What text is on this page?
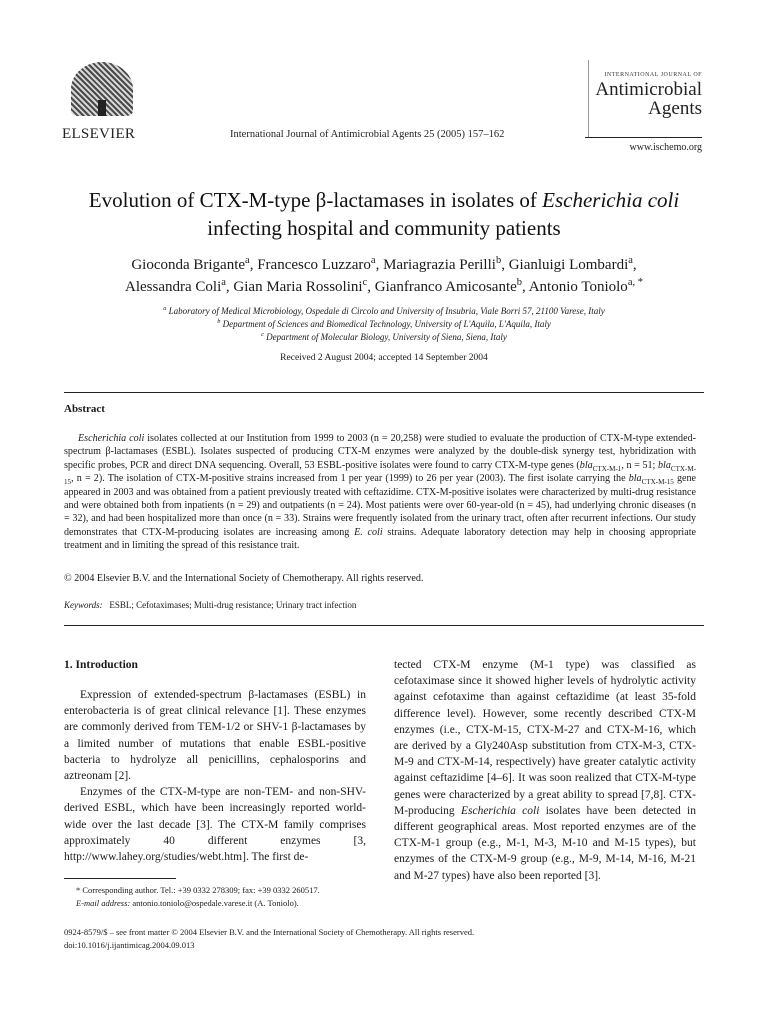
ELSEVIER	International Journal of Antimicrobial Agents 25 (2005) 157–162
INTERNATIONAL JOURNAL OF
Antimicrobial
Agents
www.ischemo.org
Evolution of CTX-M-type β-lactamases in isolates of Escherichia coli
infecting hospital and community patients
Gioconda Brigante$^a$, Francesco Luzzaro$^a$, Mariagrazia Perilli$^b$, Gianluigi Lombardi$^a$,
Alessandra Coli$^a$, Gian Maria Rossolini$^c$, Gianfranco Amicosante$^b$, Antonio Toniolo$^{a, *}$
$^a$ Laboratory of Medical Microbiology, Ospedale di Circolo and University of Insubria, Viale Borri 57, 21100 Varese, Italy
$^b$ Department of Sciences and Biomedical Technology, University of L'Aquila, L'Aquila, Italy
$^c$ Department of Molecular Biology, University of Siena, Siena, Italy
Received 2 August 2004; accepted 14 September 2004
Abstract

Escherichia coli isolates collected at our Institution from 1999 to 2003 (n = 20,258) were studied to evaluate the production of CTX-M-type extended-spectrum β-lactamases (ESBL). Isolates suspected of producing CTX-M enzymes were analyzed by the double-disk synergy test, hybridization with specific probes, PCR and direct DNA sequencing. Overall, 53 ESBL-positive isolates were found to carry CTX-M-type genes (bla$_{CTX-M-1}$, n = 51; bla$_{CTX-M-15}$, n = 2). The isolation of CTX-M-positive strains increased from 1 per year (1999) to 26 per year (2003). The first isolate carrying the bla$_{CTX-M-15}$ gene appeared in 2003 and was obtained from a patient previously treated with ceftazidime. CTX-M-positive isolates were characterized by multi-drug resistance and were obtained both from inpatients (n = 29) and outpatients (n = 24). Most patients were over 60-year-old (n = 45), had underlying chronic diseases (n = 32), and had been hospitalized more than once (n = 33). Strains were frequently isolated from the urinary tract, often after recurrent infections. Our study demonstrates that CTX-M-producing isolates are increasing among E. coli strains. Adequate laboratory detection may help in choosing appropriate treatment and in limiting the spread of this resistance trait.

© 2004 Elsevier B.V. and the International Society of Chemotherapy. All rights reserved.
Keywords: ESBL; Cefotaximases; Multi-drug resistance; Urinary tract infection
1. Introduction

Expression of extended-spectrum β-lactamases (ESBL) in enterobacteria is of great clinical relevance [1]. These enzymes are commonly derived from TEM-1/2 or SHV-1 β-lactamases by a limited number of mutations that enable ESBL-positive bacteria to hydrolyze all penicillins, cephalosporins and aztreonam [2].

Enzymes of the CTX-M-type are non-TEM- and non-SHV-derived ESBL, which have been increasingly reported world-wide over the last decade [3]. The CTX-M family comprises approximately 40 different enzymes [3, http://www.lahey.org/studies/webt.htm]. The first de-

tected CTX-M enzyme (M-1 type) was classified as cefotaximase since it showed higher levels of hydrolytic activity against cefotaxime than against ceftazidime (at least 35-fold difference level). However, some recently described CTX-M enzymes (i.e., CTX-M-15, CTX-M-27 and CTX-M-16, which are derived by a Gly240Asp substitution from CTX-M-3, CTX-M-9 and CTX-M-14, respectively) have greater catalytic activity against ceftazidime [4–6]. It was soon realized that CTX-M-type genes were characterized by a great ability to spread [7,8]. CTX-M-producing Escherichia coli isolates have been detected in different geographical areas. Most reported enzymes are of the CTX-M-1 group (e.g., M-1, M-3, M-10 and M-15 types), but enzymes of the CTX-M-9 group (e.g., M-9, M-14, M-16, M-21 and M-27 types) have also been reported [3].

* Corresponding author. Tel.: +39 0332 278309; fax: +39 0332 260517.

E-mail address: antonio.toniolo@ospedale.varese.it (A. Toniolo).

0924-8579/$ – see front matter © 2004 Elsevier B.V. and the International Society of Chemotherapy. All rights reserved.
doi:10.1016/j.ijantimicag.2004.09.013
